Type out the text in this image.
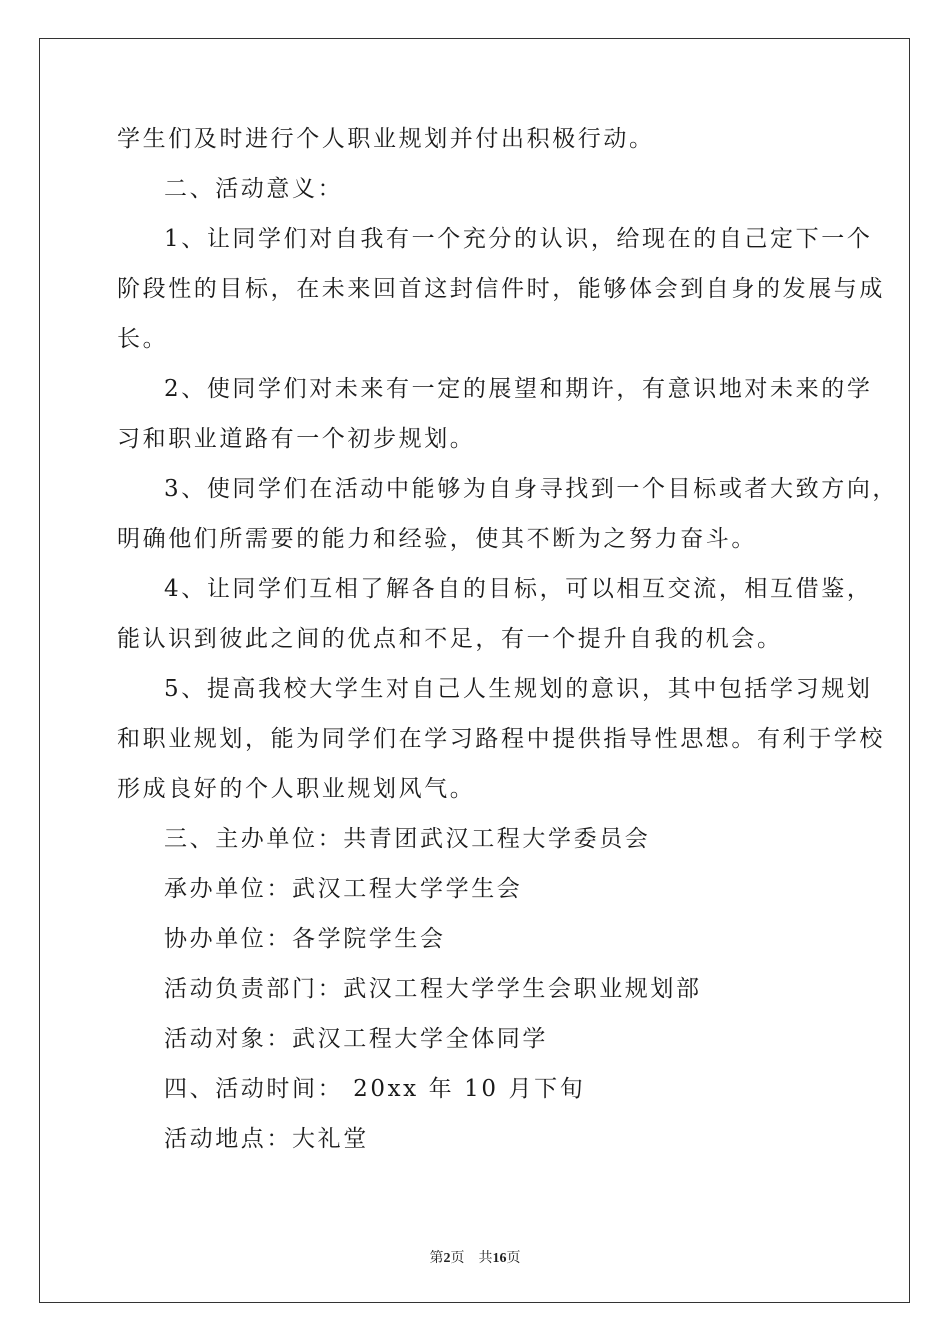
学生们及时进行个人职业规划并付出积极行动。
二、活动意义：
1、让同学们对自我有一个充分的认识，给现在的自己定下一个
阶段性的目标，在未来回首这封信件时，能够体会到自身的发展与成
长。
2、使同学们对未来有一定的展望和期许，有意识地对未来的学
习和职业道路有一个初步规划。
3、使同学们在活动中能够为自身寻找到一个目标或者大致方向，
明确他们所需要的能力和经验，使其不断为之努力奋斗。
4、让同学们互相了解各自的目标，可以相互交流，相互借鉴，
能认识到彼此之间的优点和不足，有一个提升自我的机会。
5、提高我校大学生对自己人生规划的意识，其中包括学习规划
和职业规划，能为同学们在学习路程中提供指导性思想。有利于学校
形成良好的个人职业规划风气。
三、主办单位：共青团武汉工程大学委员会
承办单位：武汉工程大学学生会
协办单位：各学院学生会
活动负责部门：武汉工程大学学生会职业规划部
活动对象：武汉工程大学全体同学
四、活动时间： 20xx 年 10 月下旬
活动地点：大礼堂
第2页 共16页
